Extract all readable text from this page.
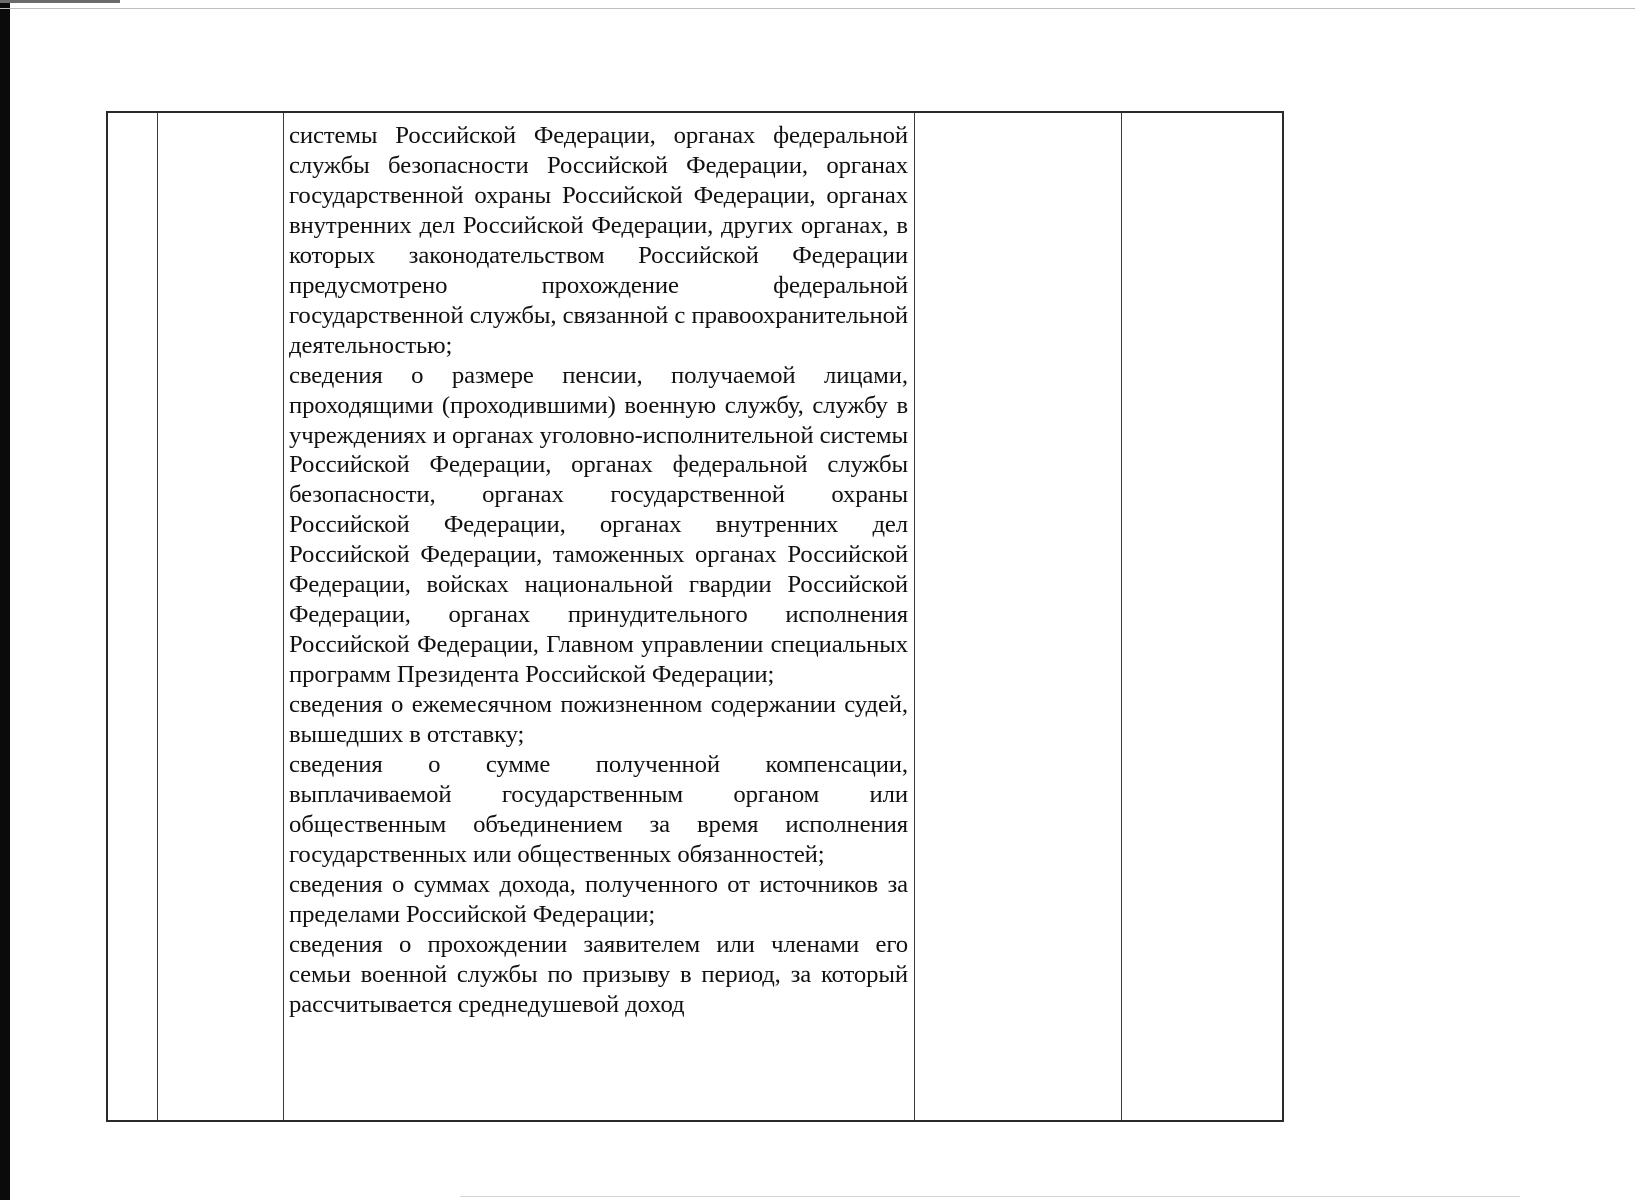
системы Российской Федерации, органах федеральной службы безопасности Российской Федерации, органах государственной охраны Российской Федерации, органах внутренних дел Российской Федерации, других органах, в которых законодательством Российской Федерации предусмотрено прохождение федеральной государственной службы, связанной с правоохранительной деятельностью;

сведения о размере пенсии, получаемой лицами, проходящими (проходившими) военную службу, службу в учреждениях и органах уголовно-исполнительной системы Российской Федерации, органах федеральной службы безопасности, органах государственной охраны Российской Федерации, органах внутренних дел Российской Федерации, таможенных органах Российской Федерации, войсках национальной гвардии Российской Федерации, органах принудительного исполнения Российской Федерации, Главном управлении специальных программ Президента Российской Федерации;

сведения о ежемесячном пожизненном содержании судей, вышедших в отставку;

сведения о сумме полученной компенсации, выплачиваемой государственным органом или общественным объединением за время исполнения государственных или общественных обязанностей;

сведения о суммах дохода, полученного от источников за пределами Российской Федерации;

сведения о прохождении заявителем или членами его семьи военной службы по призыву в период, за который рассчитывается среднедушевой доход
